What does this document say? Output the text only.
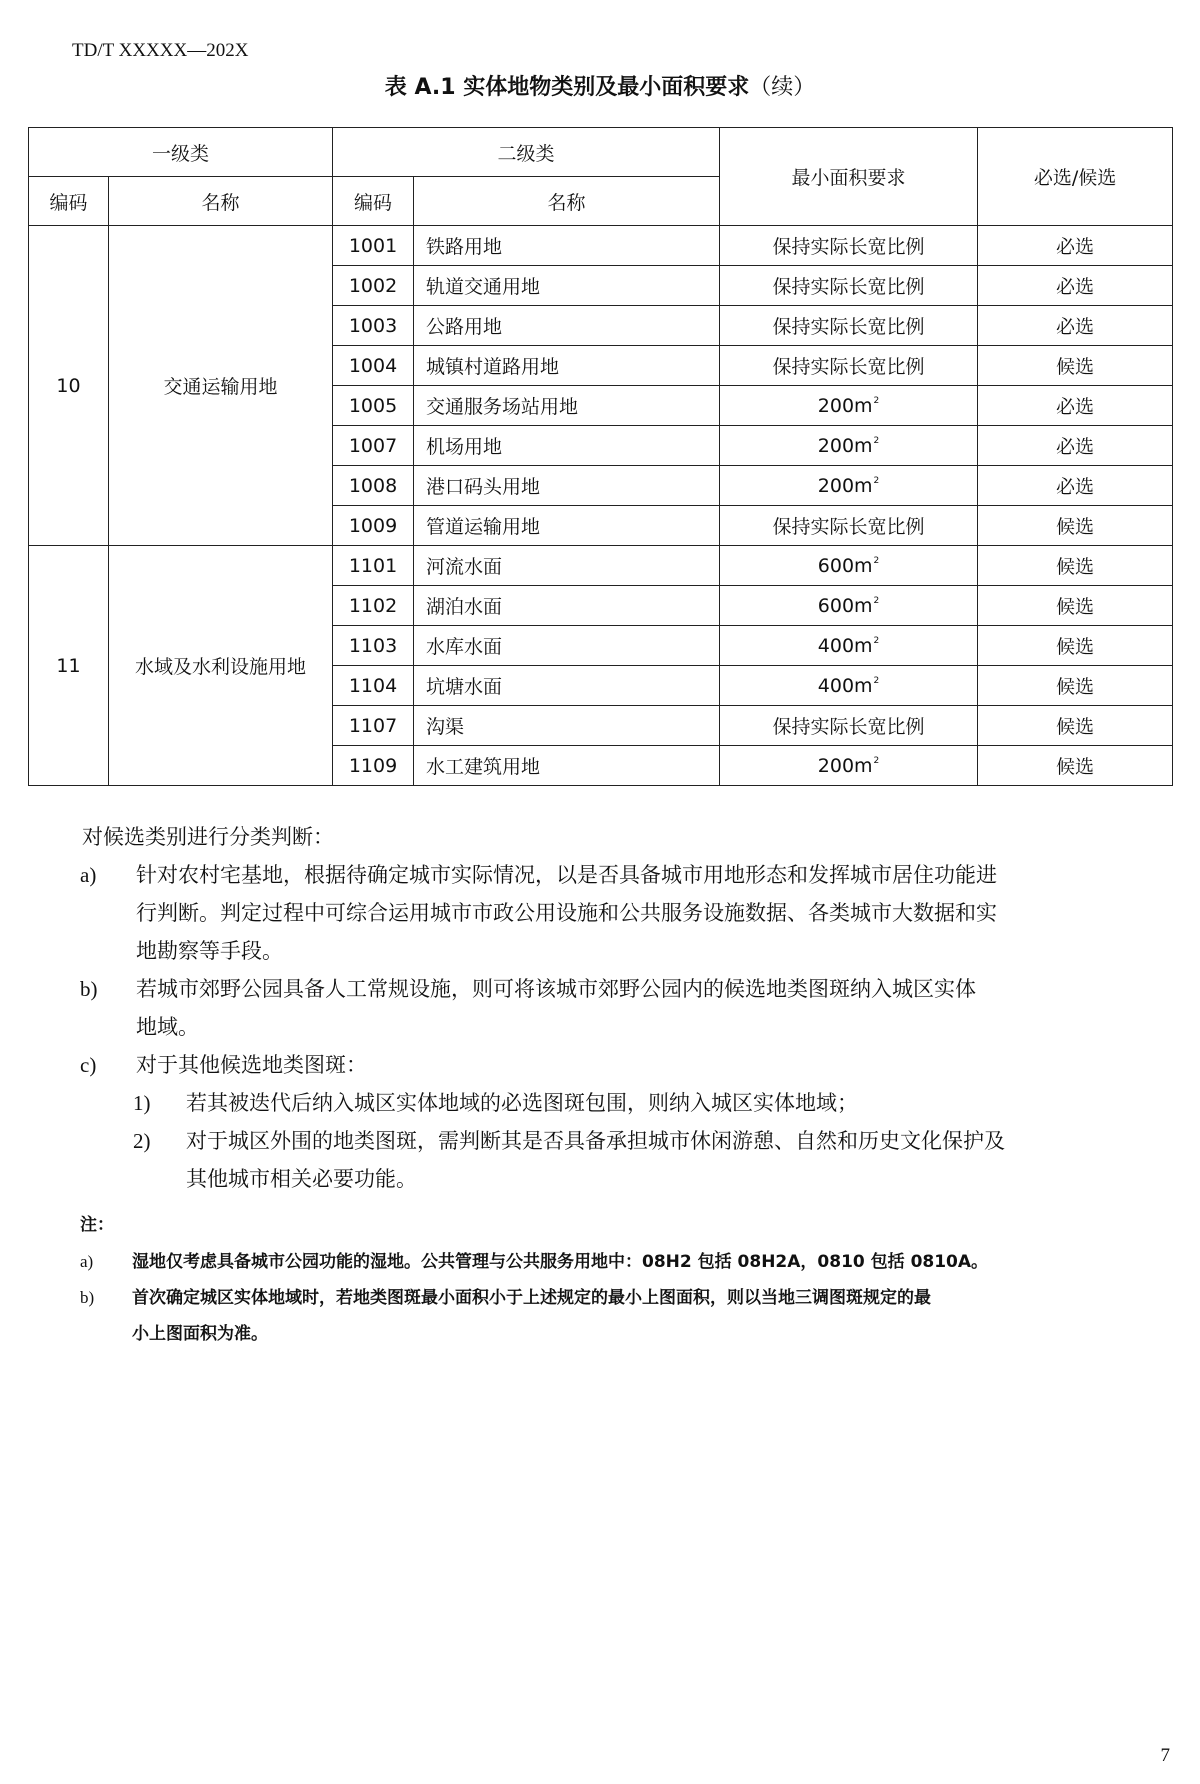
TD/T XXXXX—202X
表 A.1 实体地物类别及最小面积要求（续）
一级类		二级类		最小面积要求	必选/候选
编码	名称	编码	名称		
10	交通运输用地	1001	铁路用地	保持实际长宽比例	必选
		1002	轨道交通用地	保持实际长宽比例	必选
		1003	公路用地	保持实际长宽比例	必选
		1004	城镇村道路用地	保持实际长宽比例	候选
		1005	交通服务场站用地	$200m^2$	必选
		1007	机场用地	$200m^2$	必选
		1008	港口码头用地	$200m^2$	必选
		1009	管道运输用地	保持实际长宽比例	候选
11	水域及水利设施用地	1101	河流水面	$600m^2$	候选
		1102	湖泊水面	$600m^2$	候选
		1103	水库水面	$400m^2$	候选
		1104	坑塘水面	$400m^2$	候选
		1107	沟渠	保持实际长宽比例	候选
		1109	水工建筑用地	$200m^2$	候选
对候选类别进行分类判断：
a) 针对农村宅基地，根据待确定城市实际情况，以是否具备城市用地形态和发挥城市居住功能进
行判断。判定过程中可综合运用城市市政公用设施和公共服务设施数据、各类城市大数据和实
地勘察等手段。
b) 若城市郊野公园具备人工常规设施，则可将该城市郊野公园内的候选地类图斑纳入城区实体
地域。
c) 对于其他候选地类图斑：
1) 若其被迭代后纳入城区实体地域的必选图斑包围，则纳入城区实体地域；
2) 对于城区外围的地类图斑，需判断其是否具备承担城市休闲游憩、自然和历史文化保护及
其他城市相关必要功能。
注：
a) 湿地仅考虑具备城市公园功能的湿地。公共管理与公共服务用地中：08H2 包括 08H2A，0810 包括 0810A。
b) 首次确定城区实体地域时，若地类图斑最小面积小于上述规定的最小上图面积，则以当地三调图斑规定的最
小上图面积为准。
7
